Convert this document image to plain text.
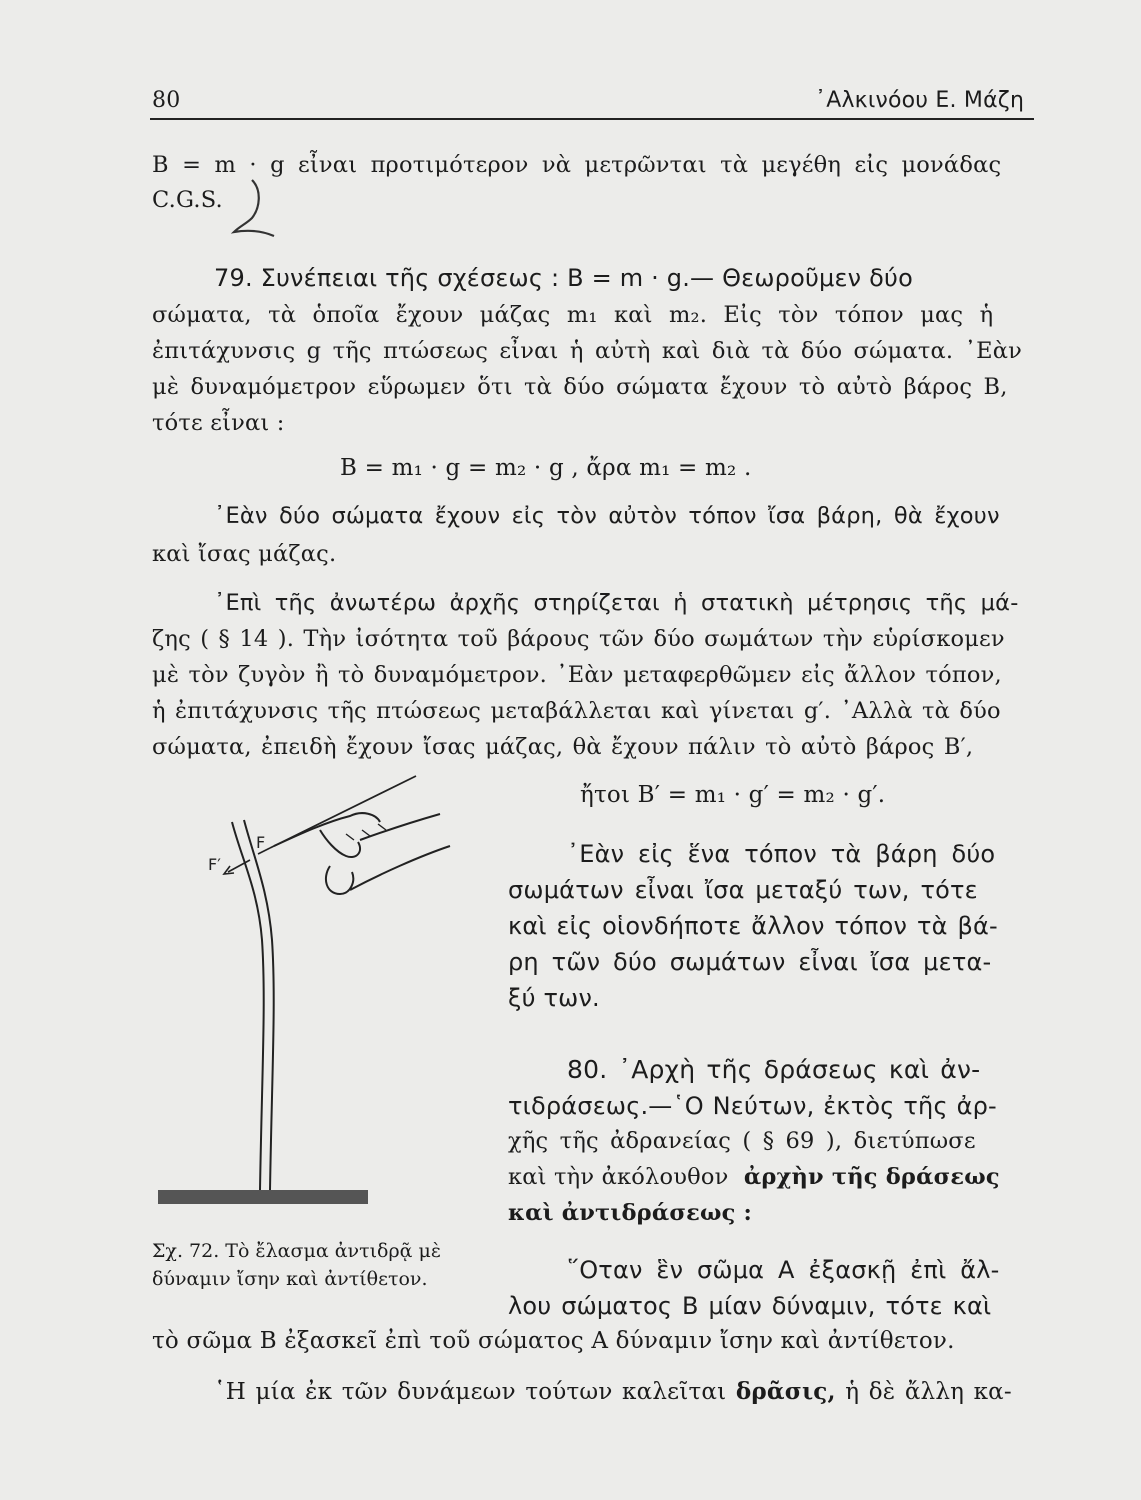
80	᾿Αλκινόου Ε. Μάζη
B = m · g εἶναι προτιμότερον νὰ μετρῶνται τὰ μεγέθη εἰς μονάδας
C.G.S.
79. Συνέπειαι τῆς σχέσεως : B = m · g.— Θεωροῦμεν δύο
σώματα, τὰ ὁποῖα ἔχουν μάζας m₁ καὶ m₂. Εἰς τὸν τόπον μας ἡ
ἐπιτάχυνσις g τῆς πτώσεως εἶναι ἡ αὐτὴ καὶ διὰ τὰ δύο σώματα. ᾿Εὰν
μὲ δυναμόμετρον εὕρωμεν ὅτι τὰ δύο σώματα ἔχουν τὸ αὐτὸ βάρος B,
τότε εἶναι :
B = m₁ · g = m₂ · g , ἄρα m₁ = m₂ .
᾿Εὰν δύο σώματα ἔχουν εἰς τὸν αὐτὸν τόπον ἴσα βάρη, θὰ ἔχουν
καὶ ἴσας μάζας.
᾿Επὶ τῆς ἀνωτέρω ἀρχῆς στηρίζεται ἡ στατικὴ μέτρησις τῆς μά-
ζης ( § 14 ). Τὴν ἰσότητα τοῦ βάρους τῶν δύο σωμάτων τὴν εὑρίσκομεν
μὲ τὸν ζυγὸν ἢ τὸ δυναμόμετρον. ᾿Εὰν μεταφερθῶμεν εἰς ἄλλον τόπον,
ἡ ἐπιτάχυνσις τῆς πτώσεως μεταβάλλεται καὶ γίνεται g′. ᾿Αλλὰ τὰ δύο
σώματα, ἐπειδὴ ἔχουν ἴσας μάζας, θὰ ἔχουν πάλιν τὸ αὐτὸ βάρος B′,
ἤτοι B′ = m₁ · g′ = m₂ · g′.
᾿Εὰν εἰς ἕνα τόπον τὰ βάρη δύο
σωμάτων εἶναι ἴσα μεταξύ των, τότε
καὶ εἰς οἱονδήποτε ἄλλον τόπον τὰ βά-
ρη τῶν δύο σωμάτων εἶναι ἴσα μετα-
ξύ των.
80. ᾿Αρχὴ τῆς δράσεως καὶ ἀν-
τιδράσεως.—῾Ο Νεύτων, ἐκτὸς τῆς ἀρ-
χῆς τῆς ἀδρανείας ( § 69 ), διετύπωσε
καὶ τὴν ἀκόλουθον ἀρχὴν τῆς δράσεως
καὶ ἀντιδράσεως :
῞Οταν ἓν σῶμα A ἐξασκῇ ἐπὶ ἄλ-
λου σώματος B μίαν δύναμιν, τότε καὶ
τὸ σῶμα B ἐξασκεῖ ἐπὶ τοῦ σώματος A δύναμιν ἴσην καὶ ἀντίθετον.
῾Η μία ἐκ τῶν δυνάμεων τούτων καλεῖται δρᾶσις, ἡ δὲ ἄλλη κα-
F
F′
Σχ. 72. Τὸ ἔλασμα ἀντιδρᾷ μὲ
δύναμιν ἴσην καὶ ἀντίθετον.
